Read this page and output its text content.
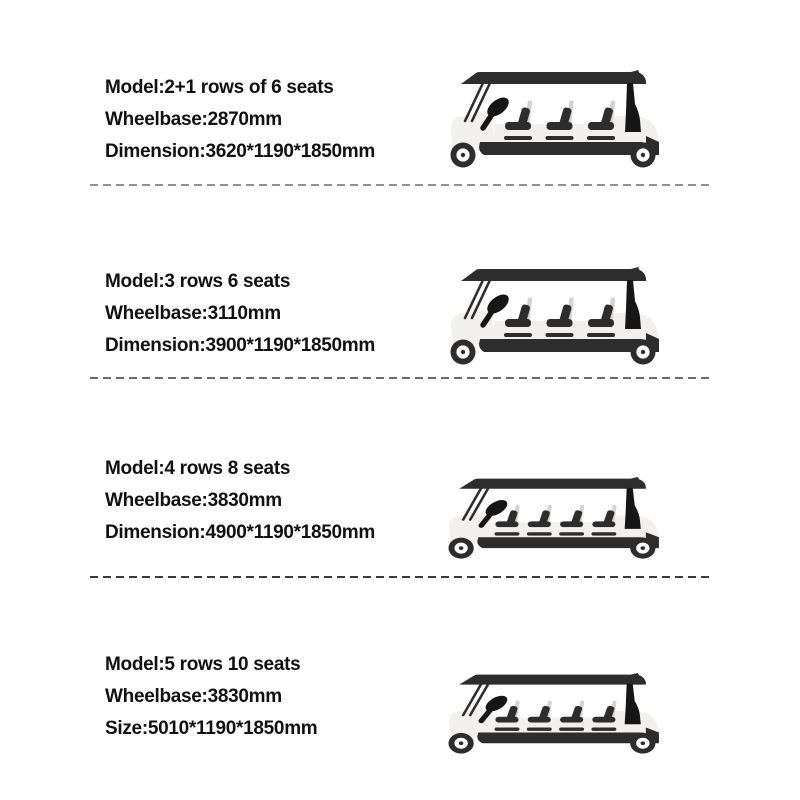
Model:2+1 rows of 6 seats

Wheelbase:2870mm

Dimension:3620*1190*1850mm

Model:3 rows 6 seats

Wheelbase:3110mm

Dimension:3900*1190*1850mm

Model:4 rows 8 seats

Wheelbase:3830mm

Dimension:4900*1190*1850mm

Model:5 rows 10 seats

Wheelbase:3830mm

Size:5010*1190*1850mm
